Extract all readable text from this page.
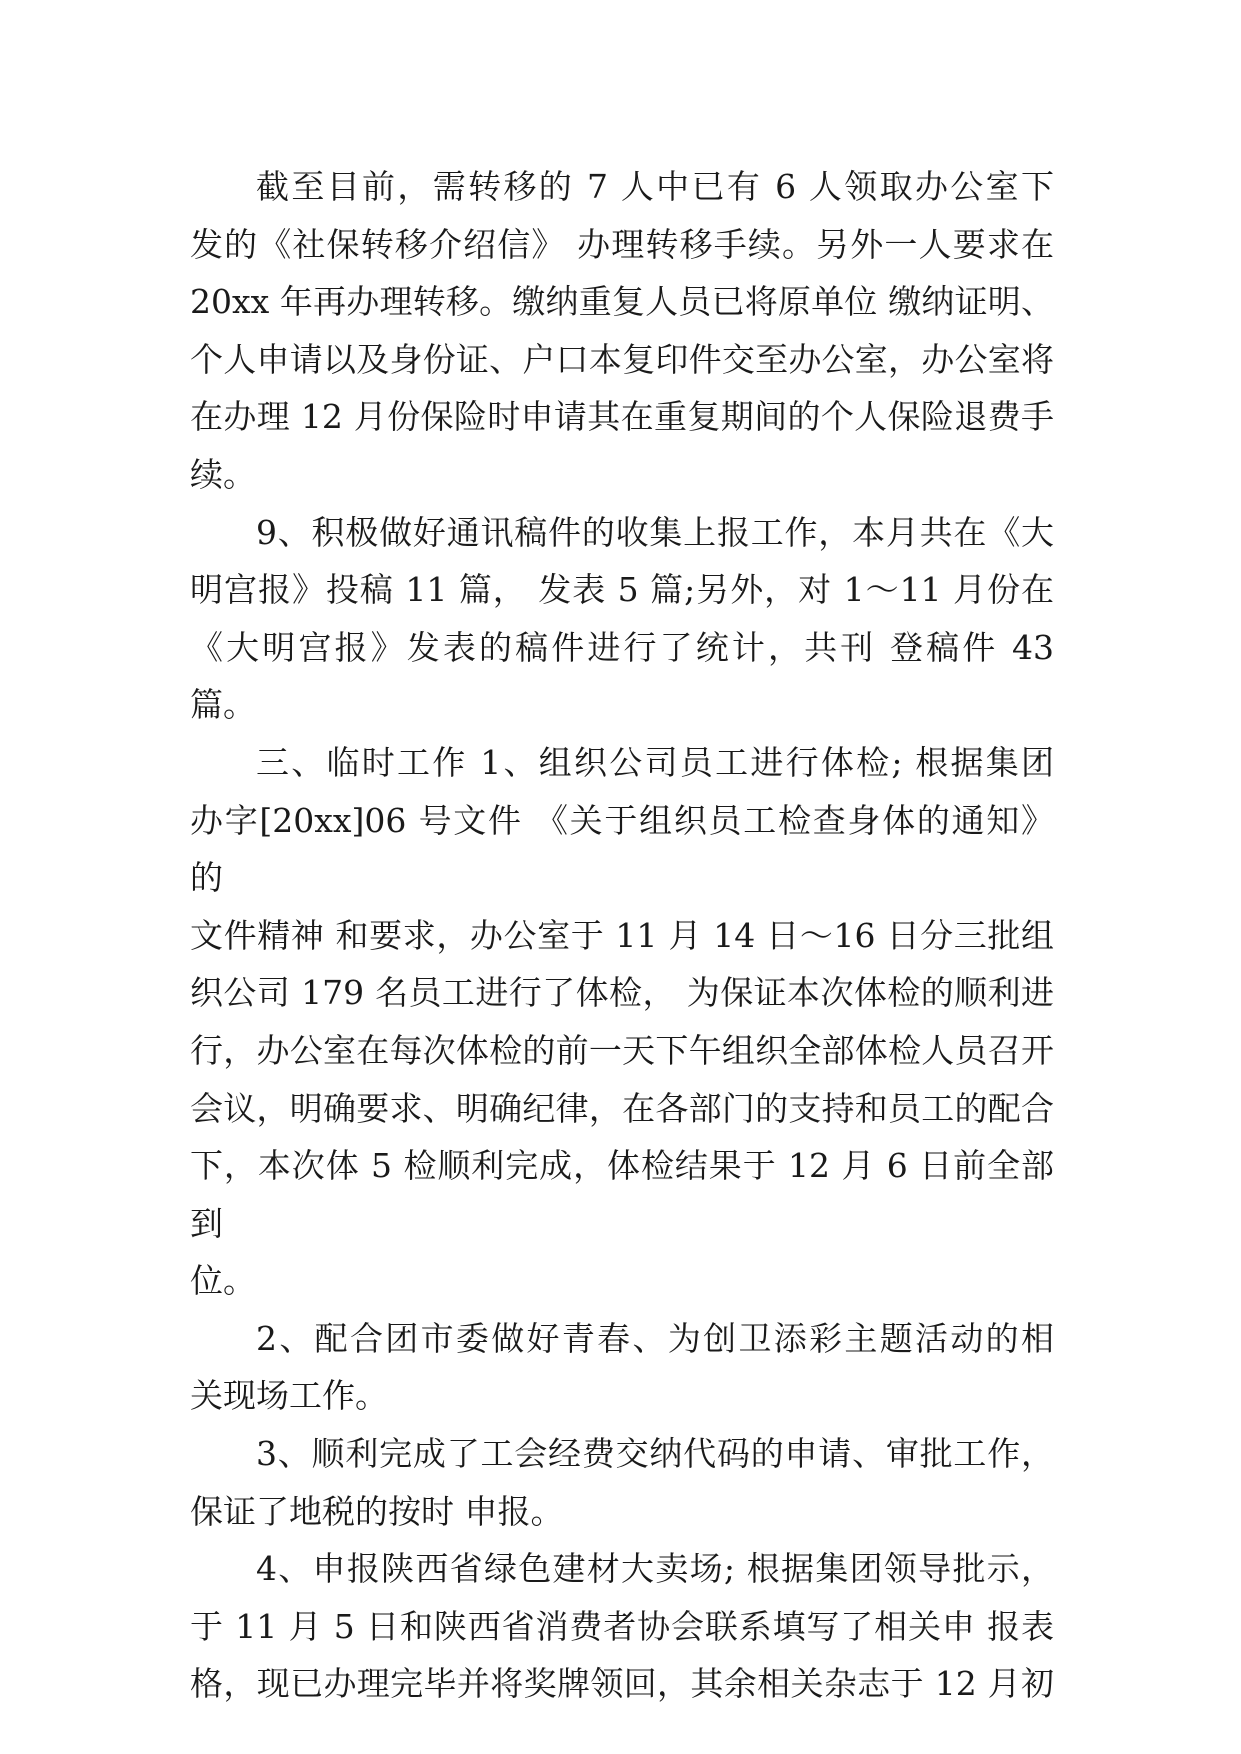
截至目前，需转移的 7 人中已有 6 人领取办公室下
发的《社保转移介绍信》 办理转移手续。另外一人要求在
20xx 年再办理转移。缴纳重复人员已将原单位 缴纳证明、
个人申请以及身份证、户口本复印件交至办公室，办公室将
在办理 12 月份保险时申请其在重复期间的个人保险退费手
续。

9、积极做好通讯稿件的收集上报工作，本月共在《大
明宫报》投稿 11 篇， 发表 5 篇;另外，对 1～11 月份在
《大明宫报》发表的稿件进行了统计，共刊 登稿件 43 篇。

三、临时工作 1、组织公司员工进行体检; 根据集团
办字[20xx]06 号文件 《关于组织员工检查身体的通知》 的
文件精神 和要求，办公室于 11 月 14 日～16 日分三批组
织公司 179 名员工进行了体检， 为保证本次体检的顺利进
行，办公室在每次体检的前一天下午组织全部体检人员召开
会议，明确要求、明确纪律，在各部门的支持和员工的配合
下，本次体 5 检顺利完成，体检结果于 12 月 6 日前全部到
位。

2、配合团市委做好青春、为创卫添彩主题活动的相
关现场工作。

3、顺利完成了工会经费交纳代码的申请、审批工作，
保证了地税的按时 申报。

4、申报陕西省绿色建材大卖场; 根据集团领导批示，
于 11 月 5 日和陕西省消费者协会联系填写了相关申 报表
格，现已办理完毕并将奖牌领回，其余相关杂志于 12 月初
